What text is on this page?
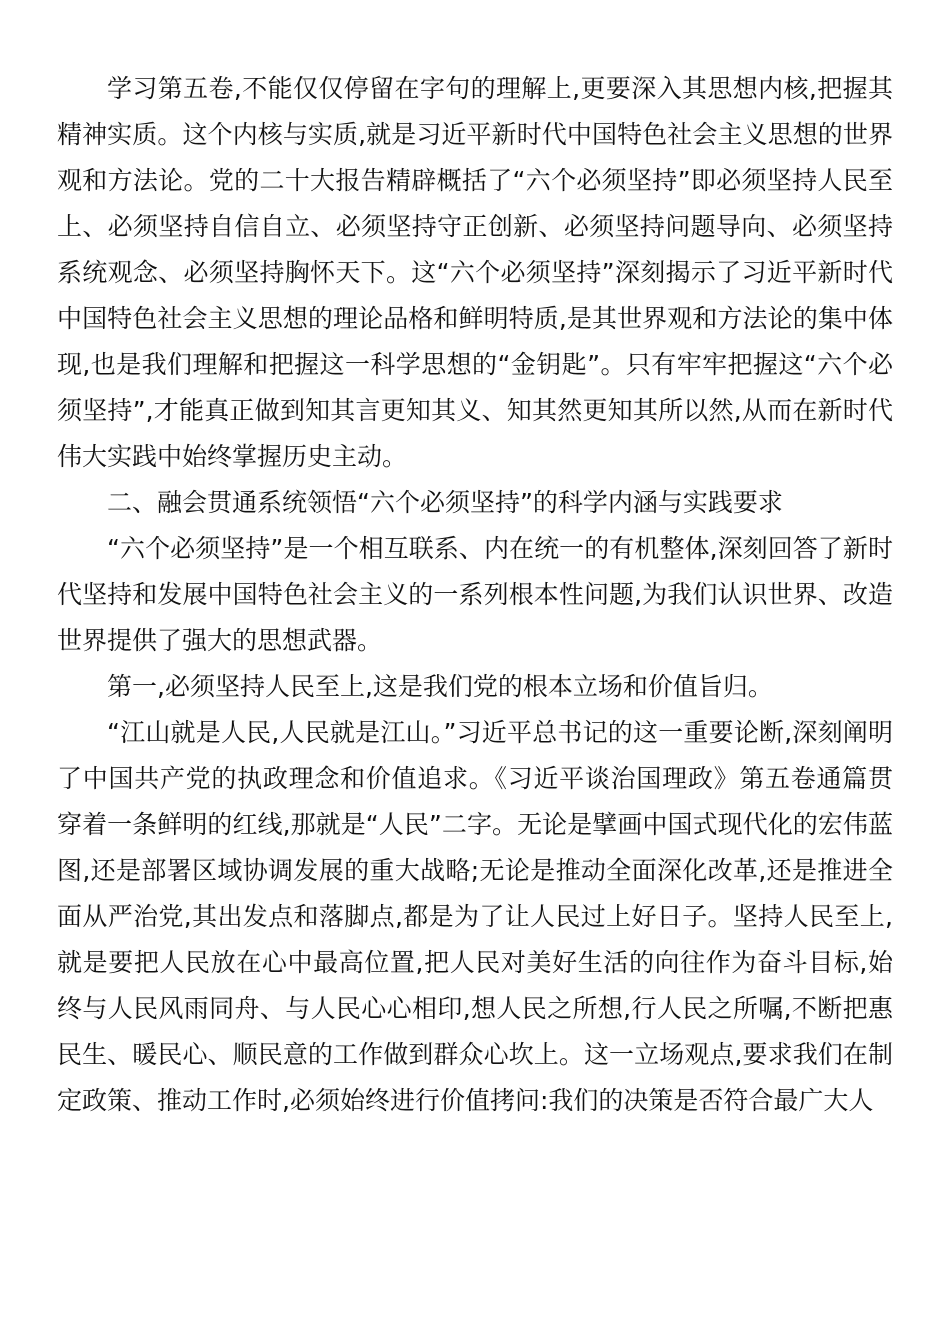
学习第五卷,不能仅仅停留在字句的理解上,更要深入其思想内核,把握其精神实质。这个内核与实质,就是习近平新时代中国特色社会主义思想的世界观和方法论。党的二十大报告精辟概括了“六个必须坚持”即必须坚持人民至上、必须坚持自信自立、必须坚持守正创新、必须坚持问题导向、必须坚持系统观念、必须坚持胸怀天下。这“六个必须坚持”深刻揭示了习近平新时代中国特色社会主义思想的理论品格和鲜明特质,是其世界观和方法论的集中体现,也是我们理解和把握这一科学思想的“金钥匙”。只有牢牢把握这“六个必须坚持”,才能真正做到知其言更知其义、知其然更知其所以然,从而在新时代伟大实践中始终掌握历史主动。

二、融会贯通系统领悟“六个必须坚持”的科学内涵与实践要求

“六个必须坚持”是一个相互联系、内在统一的有机整体,深刻回答了新时代坚持和发展中国特色社会主义的一系列根本性问题,为我们认识世界、改造世界提供了强大的思想武器。

第一,必须坚持人民至上,这是我们党的根本立场和价值旨归。

“江山就是人民,人民就是江山。”习近平总书记的这一重要论断,深刻阐明了中国共产党的执政理念和价值追求。《习近平谈治国理政》第五卷通篇贯穿着一条鲜明的红线,那就是“人民”二字。无论是擘画中国式现代化的宏伟蓝图,还是部署区域协调发展的重大战略;无论是推动全面深化改革,还是推进全面从严治党,其出发点和落脚点,都是为了让人民过上好日子。坚持人民至上,就是要把人民放在心中最高位置,把人民对美好生活的向往作为奋斗目标,始终与人民风雨同舟、与人民心心相印,想人民之所想,行人民之所嘱,不断把惠民生、暖民心、顺民意的工作做到群众心坎上。这一立场观点,要求我们在制定政策、推动工作时,必须始终进行价值拷问:我们的决策是否符合最广大人
